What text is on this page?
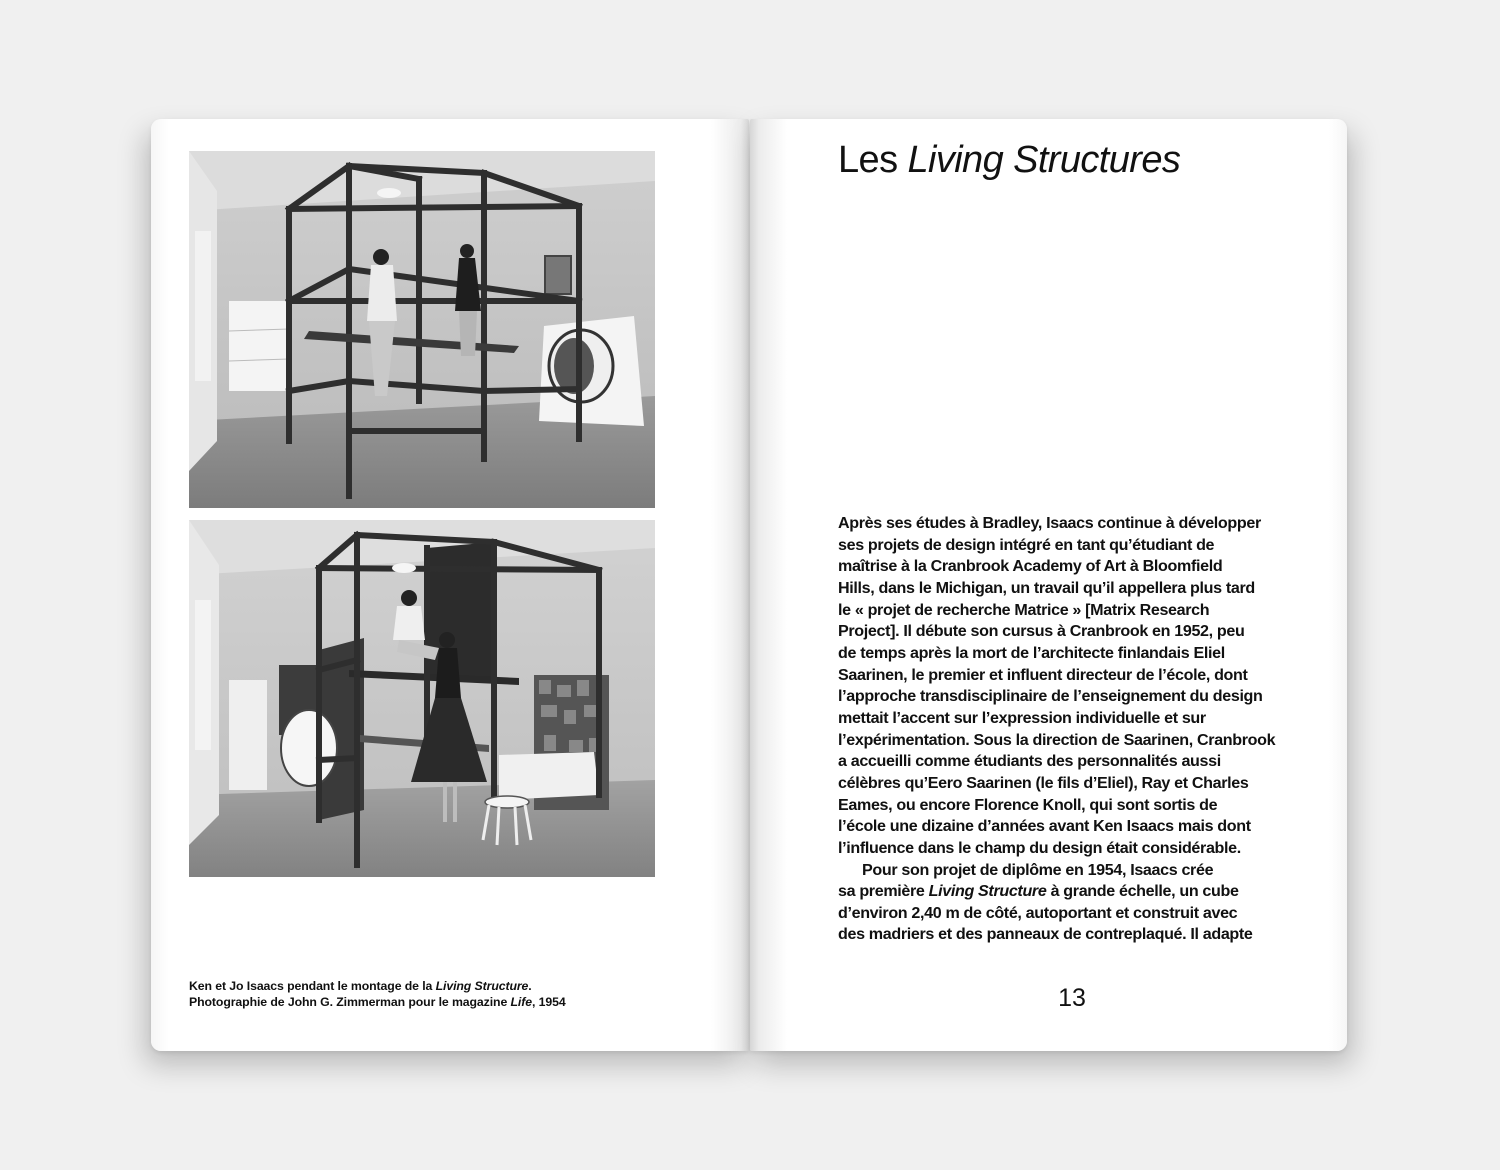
Ken et Jo Isaacs pendant le montage de la Living Structure.
Photographie de John G. Zimmerman pour le magazine Life, 1954
Les Living Structures
Après ses études à Bradley, Isaacs continue à développer
ses projets de design intégré en tant qu’étudiant de
maîtrise à la Cranbrook Academy of Art à Bloomfield
Hills, dans le Michigan, un travail qu’il appellera plus tard
le « projet de recherche Matrice » [Matrix Research
Project]. Il débute son cursus à Cranbrook en 1952, peu
de temps après la mort de l’architecte finlandais Eliel
Saarinen, le premier et influent directeur de l’école, dont
l’approche transdisciplinaire de l’enseignement du design
mettait l’accent sur l’expression individuelle et sur
l’expérimentation. Sous la direction de Saarinen, Cranbrook
a accueilli comme étudiants des personnalités aussi
célèbres qu’Eero Saarinen (le fils d’Eliel), Ray et Charles
Eames, ou encore Florence Knoll, qui sont sortis de
l’école une dizaine d’années avant Ken Isaacs mais dont
l’influence dans le champ du design était considérable.
Pour son projet de diplôme en 1954, Isaacs crée
sa première Living Structure à grande échelle, un cube
d’environ 2,40 m de côté, autoportant et construit avec
des madriers et des panneaux de contreplaqué. Il adapte
13
